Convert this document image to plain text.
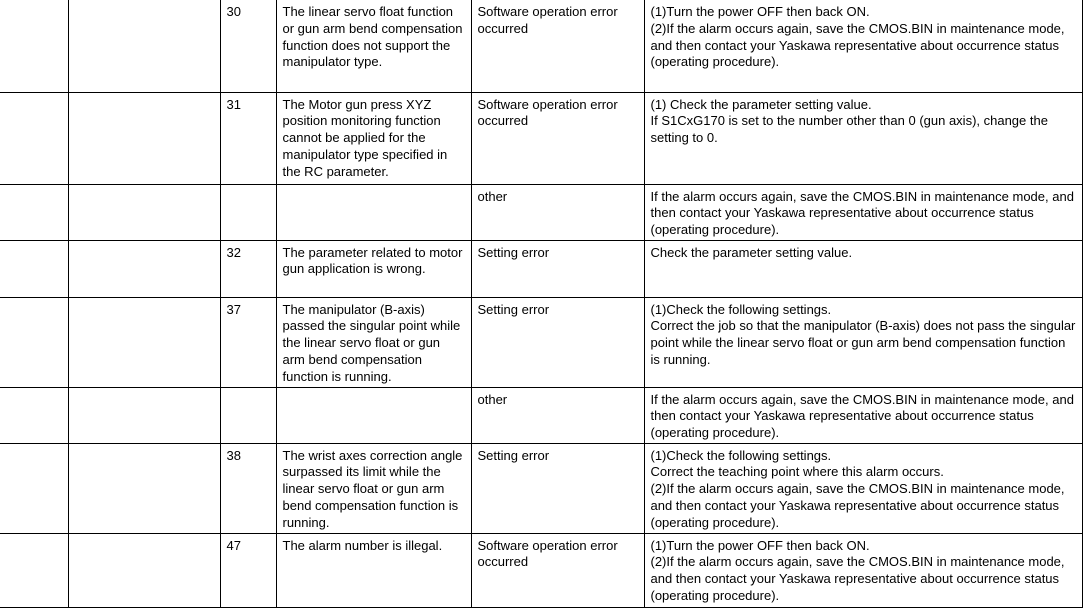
		30	The linear servo float function or gun arm bend compensation function does not support the manipulator type.	Software operation error occurred	(1)Turn the power OFF then back ON.
(2)If the alarm occurs again, save the CMOS.BIN in maintenance mode, and then contact your Yaskawa representative about occurrence status (operating procedure).
		31	The Motor gun press XYZ position monitoring function cannot be applied for the manipulator type specified in the RC parameter.	Software operation error occurred	(1) Check the parameter setting value.
If S1CxG170 is set to the number other than 0 (gun axis), change the setting to 0.
				other	If the alarm occurs again, save the CMOS.BIN in maintenance mode, and then contact your Yaskawa representative about occurrence status (operating procedure).
		32	The parameter related to motor gun application is wrong.	Setting error	Check the parameter setting value.
		37	The manipulator (B-axis) passed the singular point while the linear servo float or gun arm bend compensation function is running.	Setting error	(1)Check the following settings.
Correct the job so that the manipulator (B-axis) does not pass the singular point while the linear servo float or gun arm bend compensation function is running.
				other	If the alarm occurs again, save the CMOS.BIN in maintenance mode, and then contact your Yaskawa representative about occurrence status (operating procedure).
		38	The wrist axes correction angle surpassed its limit while the linear servo float or gun arm bend compensation function is running.	Setting error	(1)Check the following settings.
Correct the teaching point where this alarm occurs.
(2)If the alarm occurs again, save the CMOS.BIN in maintenance mode, and then contact your Yaskawa representative about occurrence status (operating procedure).
		47	The alarm number is illegal.	Software operation error occurred	(1)Turn the power OFF then back ON.
(2)If the alarm occurs again, save the CMOS.BIN in maintenance mode, and then contact your Yaskawa representative about occurrence status (operating procedure).
